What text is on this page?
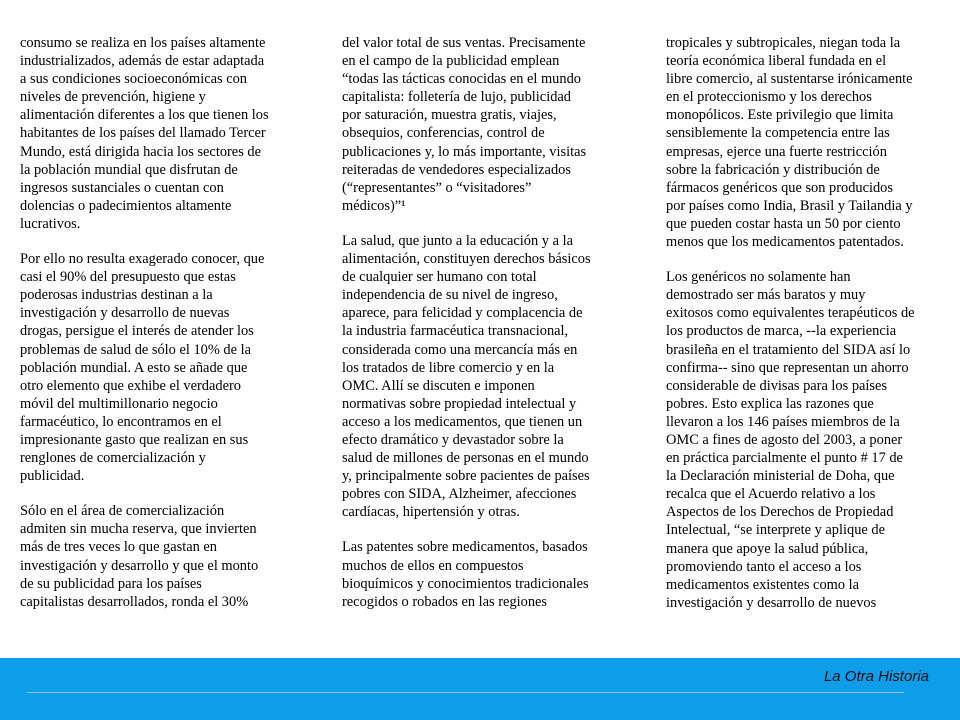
consumo se realiza en los países altamente
industrializados, además de estar adaptada
a sus condiciones socioeconómicas con
niveles de prevención, higiene y
alimentación diferentes a los que tienen los
habitantes de los países del llamado Tercer
Mundo, está dirigida hacia los sectores de
la población mundial que disfrutan de
ingresos sustanciales o cuentan con
dolencias o padecimientos altamente
lucrativos.

Por ello no resulta exagerado conocer, que
casi el 90% del presupuesto que estas
poderosas industrias destinan a la
investigación y desarrollo de nuevas
drogas, persigue el interés de atender los
problemas de salud de sólo el 10% de la
población mundial. A esto se añade que
otro elemento que exhibe el verdadero
móvil del multimillonario negocio
farmacéutico, lo encontramos en el
impresionante gasto que realizan en sus
renglones de comercialización y
publicidad.

Sólo en el área de comercialización
admiten sin mucha reserva, que invierten
más de tres veces lo que gastan en
investigación y desarrollo y que el monto
de su publicidad para los países
capitalistas desarrollados, ronda el 30%

del valor total de sus ventas. Precisamente
en el campo de la publicidad emplean
“todas las tácticas conocidas en el mundo
capitalista: folletería de lujo, publicidad
por saturación, muestra gratis, viajes,
obsequios, conferencias, control de
publicaciones y, lo más importante, visitas
reiteradas de vendedores especializados
(“representantes” o “visitadores”
médicos)”¹

La salud, que junto a la educación y a la
alimentación, constituyen derechos básicos
de cualquier ser humano con total
independencia de su nivel de ingreso,
aparece, para felicidad y complacencia de
la industria farmacéutica transnacional,
considerada como una mercancía más en
los tratados de libre comercio y en la
OMC. Allí se discuten e imponen
normativas sobre propiedad intelectual y
acceso a los medicamentos, que tienen un
efecto dramático y devastador sobre la
salud de millones de personas en el mundo
y, principalmente sobre pacientes de países
pobres con SIDA, Alzheimer, afecciones
cardíacas, hipertensión y otras.

Las patentes sobre medicamentos, basados
muchos de ellos en compuestos
bioquímicos y conocimientos tradicionales
recogidos o robados en las regiones

tropicales y subtropicales, niegan toda la
teoría económica liberal fundada en el
libre comercio, al sustentarse irónicamente
en el proteccionismo y los derechos
monopólicos. Este privilegio que limita
sensiblemente la competencia entre las
empresas, ejerce una fuerte restricción
sobre la fabricación y distribución de
fármacos genéricos que son producidos
por países como India, Brasil y Tailandia y
que pueden costar hasta un 50 por ciento
menos que los medicamentos patentados.

Los genéricos no solamente han
demostrado ser más baratos y muy
exitosos como equivalentes terapéuticos de
los productos de marca, --la experiencia
brasileña en el tratamiento del SIDA así lo
confirma-- sino que representan un ahorro
considerable de divisas para los países
pobres. Esto explica las razones que
llevaron a los 146 países miembros de la
OMC a fines de agosto del 2003, a poner
en práctica parcialmente el punto # 17 de
la Declaración ministerial de Doha, que
recalca que el Acuerdo relativo a los
Aspectos de los Derechos de Propiedad
Intelectual, “se interprete y aplique de
manera que apoye la salud pública,
promoviendo tanto el acceso a los
medicamentos existentes como la
investigación y desarrollo de nuevos

La Otra Historia
